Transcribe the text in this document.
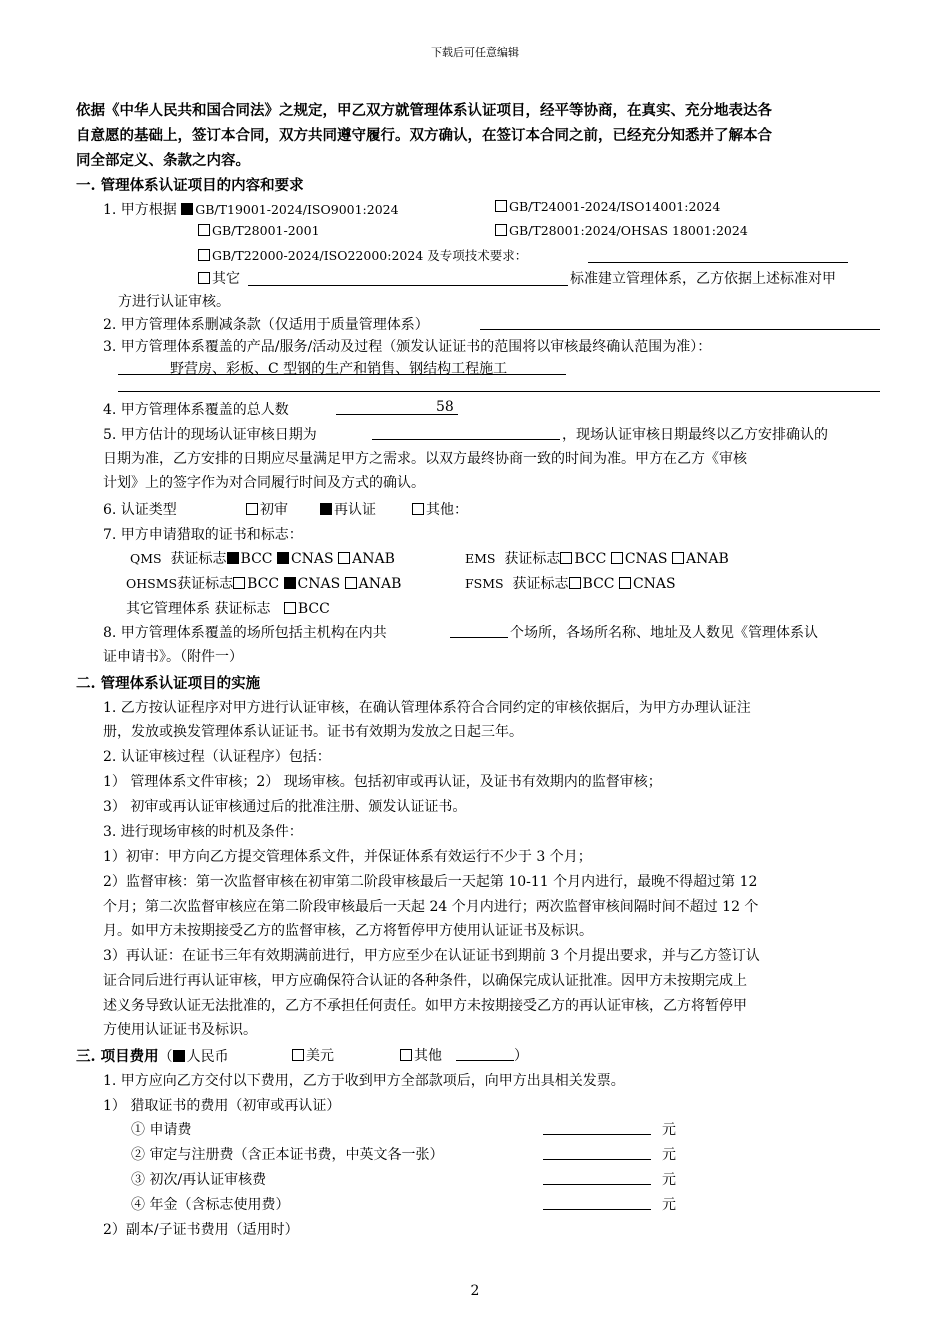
下载后可任意编辑
依据《中华人民共和国合同法》之规定，甲乙双方就管理体系认证项目，经平等协商，在真实、充分地表达各
自意愿的基础上，签订本合同，双方共同遵守履行。双方确认，在签订本合同之前，已经充分知悉并了解本合
同全部定义、条款之内容。
一. 管理体系认证项目的内容和要求
1. 甲方根据 GB/T19001-2024/ISO9001:2024	GB/T24001-2024/ISO14001:2024
GB/T28001-2001	GB/T28001:2024/OHSAS 18001:2024
GB/T22000-2024/ISO22000:2024 及专项技术要求：
其它	标准建立管理体系，乙方依据上述标准对甲
方进行认证审核。
2. 甲方管理体系删减条款（仅适用于质量管理体系）
3. 甲方管理体系覆盖的产品/服务/活动及过程（颁发认证证书的范围将以审核最终确认范围为准）：
野营房、彩板、C 型钢的生产和销售、钢结构工程施工
4. 甲方管理体系覆盖的总人数	58
5. 甲方估计的现场认证审核日期为	，现场认证审核日期最终以乙方安排确认的
日期为准，乙方安排的日期应尽量满足甲方之需求。以双方最终协商一致的时间为准。甲方在乙方《审核
计划》上的签字作为对合同履行时间及方式的确认。
6. 认证类型	初审	再认证	其他：
7. 甲方申请猎取的证书和标志：
QMS 获证标志 BCC CNAS ANAB	EMS 获证标志 BCC CNAS ANAB
OHSMS获证标志 BCC CNAS ANAB	FSMS 获证标志 BCC CNAS
其它管理体系 获证标志 BCC
8. 甲方管理体系覆盖的场所包括主机构在内共	个场所，各场所名称、地址及人数见《管理体系认
证申请书》。（附件一）
二. 管理体系认证项目的实施
1. 乙方按认证程序对甲方进行认证审核，在确认管理体系符合合同约定的审核依据后，为甲方办理认证注
册，发放或换发管理体系认证证书。证书有效期为发放之日起三年。
2. 认证审核过程（认证程序）包括：
1） 管理体系文件审核；2） 现场审核。包括初审或再认证，及证书有效期内的监督审核；
3） 初审或再认证审核通过后的批准注册、颁发认证证书。
3. 进行现场审核的时机及条件：
1）初审：甲方向乙方提交管理体系文件，并保证体系有效运行不少于 3 个月；
2）监督审核：第一次监督审核在初审第二阶段审核最后一天起第 10-11 个月内进行，最晚不得超过第 12
个月；第二次监督审核应在第二阶段审核最后一天起 24 个月内进行；两次监督审核间隔时间不超过 12 个
月。如甲方未按期接受乙方的监督审核，乙方将暂停甲方使用认证证书及标识。
3）再认证：在证书三年有效期满前进行，甲方应至少在认证证书到期前 3 个月提出要求，并与乙方签订认
证合同后进行再认证审核，甲方应确保符合认证的各种条件，以确保完成认证批准。因甲方未按期完成上
述义务导致认证无法批准的，乙方不承担任何责任。如甲方未按期接受乙方的再认证审核，乙方将暂停甲
方使用认证证书及标识。
三. 项目费用（ 人民币	美元	其他	）
1. 甲方应向乙方交付以下费用，乙方于收到甲方全部款项后，向甲方出具相关发票。
1） 猎取证书的费用（初审或再认证）
① 申请费	元
② 审定与注册费（含正本证书费，中英文各一张）	元
③ 初次/再认证审核费	元
④ 年金（含标志使用费）	元
2）副本/子证书费用（适用时）
2
